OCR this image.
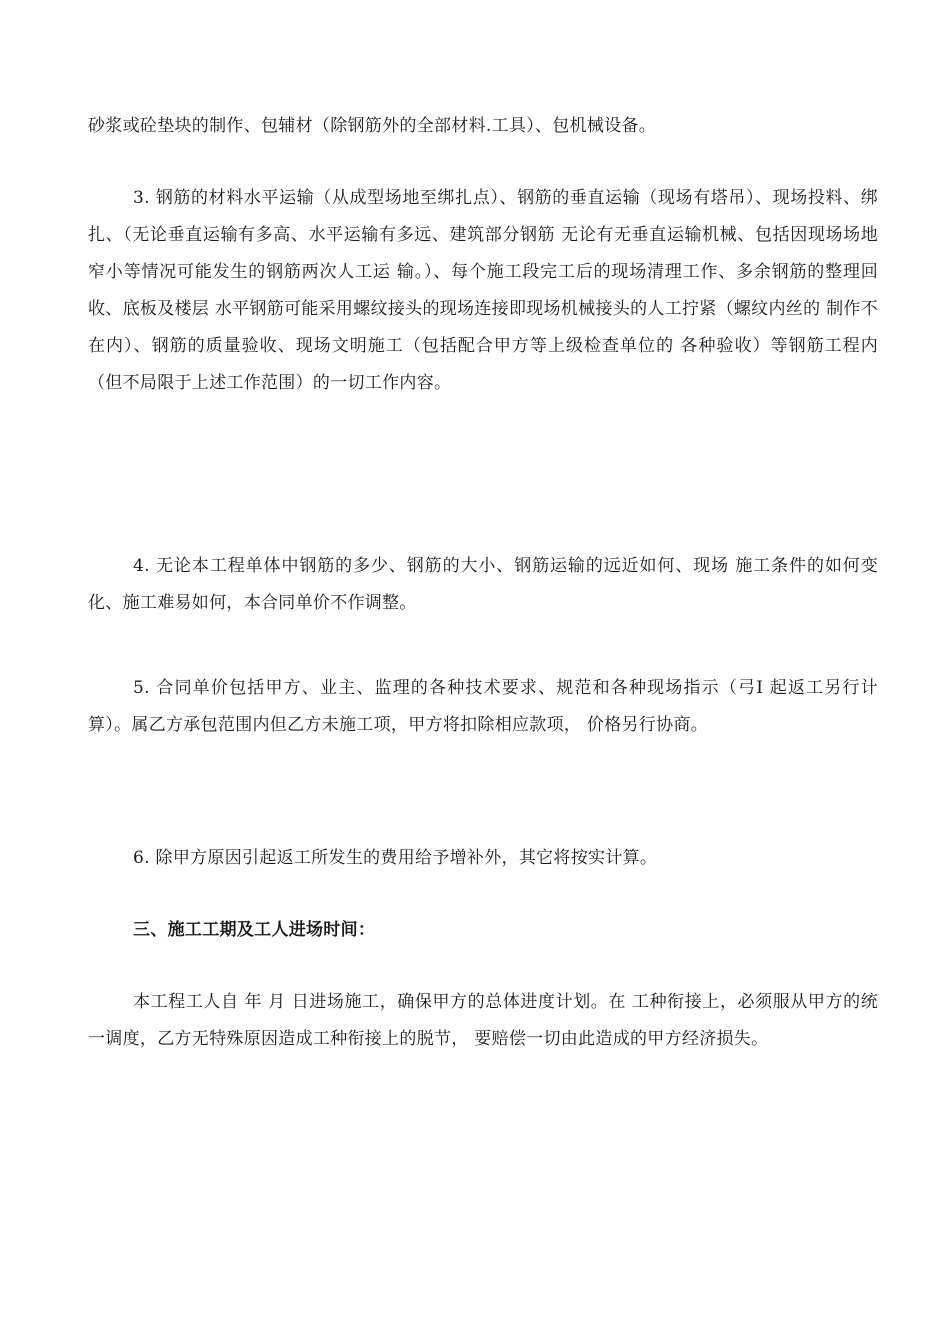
砂浆或砼垫块的制作、包辅材（除钢筋外的全部材料.工具）、包机械设备。

3. 钢筋的材料水平运输（从成型场地至绑扎点）、钢筋的垂直运输（现场有塔吊）、现场投料、绑扎、（无论垂直运输有多高、水平运输有多远、建筑部分钢筋 无论有无垂直运输机械、包括因现场场地窄小等情况可能发生的钢筋两次人工运 输。）、每个施工段完工后的现场清理工作、多余钢筋的整理回收、底板及楼层 水平钢筋可能采用螺纹接头的现场连接即现场机械接头的人工拧紧（螺纹内丝的 制作不在内）、钢筋的质量验收、现场文明施工（包括配合甲方等上级检查单位的 各种验收）等钢筋工程内（但不局限于上述工作范围）的一切工作内容。

4. 无论本工程单体中钢筋的多少、钢筋的大小、钢筋运输的远近如何、现场 施工条件的如何变化、施工难易如何，本合同单价不作调整。

5. 合同单价包括甲方、业主、监理的各种技术要求、规范和各种现场指示（弓I 起返工另行计算）。属乙方承包范围内但乙方未施工项，甲方将扣除相应款项， 价格另行协商。

6. 除甲方原因引起返工所发生的费用给予增补外，其它将按实计算。

三、施工工期及工人进场时间：

本工程工人自 年 月 日进场施工，确保甲方的总体进度计划。在 工种衔接上，必须服从甲方的统一调度，乙方无特殊原因造成工种衔接上的脱节， 要赔偿一切由此造成的甲方经济损失。
